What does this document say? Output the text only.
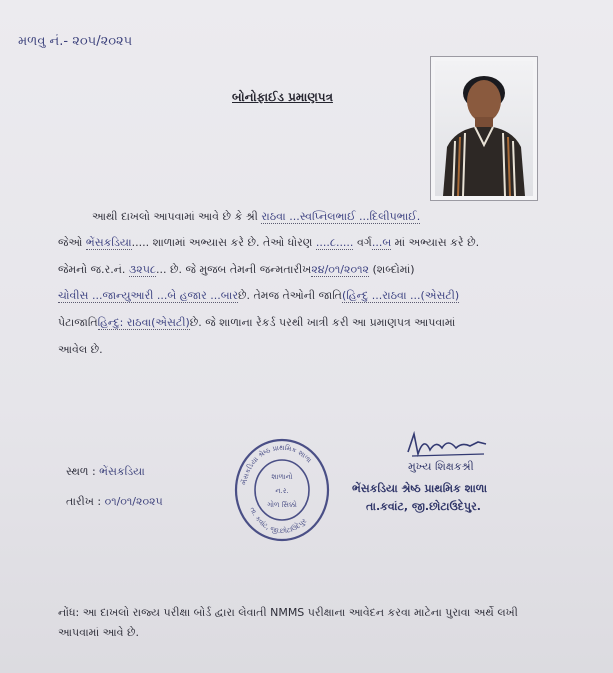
મળવુ નં.- ૨૦૫/૨૦૨૫
બોનોફાઈડ પ્રમાણપત્ર
આથી દાખલો આપવામાં આવે છે કે શ્રી રાઠવા ...સ્વપ્નિલભાઈ ...દિલીપભાઈ.
જેઓ ભેંસકડિયા..... શાળામાં અભ્યાસ કરે છે. તેઓ ધોરણ ....૮..... વર્ગ...બ માં અભ્યાસ કરે છે.
જેમનો જ.ર.નં. ૩૨૫૮... છે. જે મુજબ તેમની જન્મતારીખ૨૪/૦૧/૨૦૧૨ (શબ્દોમાં)
ચોવીસ ...જાન્યુઆરી ...બે હજાર ...બારછે. તેમજ તેઓની જાતિ(હિન્દુ ...રાઠવા ...(એસટી)
પેટાજાતિહિન્દુ: રાઠવા(એસટી)છે. જે શાળાના રેકર્ડ પરથી ખાત્રી કરી આ પ્રમાણપત્ર આપવામાં
આવેલ છે.
સ્થળ : ભેંસકડિયા
તારીખ : ૦૧/૦૧/૨૦૨૫
ભેંસકડિયા શ્રેષ્ઠ પ્રાથમિક શાળા
તા. કવાંટ, જી.છોટાઉદેપુર
શાળાનો
ન.ર.
ગોળ સિક્કો
મુખ્ય શિક્ષકશ્રી
ભેંસકડિયા શ્રેષ્ઠ પ્રાથમિક શાળા
તા.કવાંટ, જી.છોટાઉદેપુર.
નોંધ: આ દાખલો રાજ્ય પરીક્ષા બોર્ડ દ્વારા લેવાતી NMMS પરીક્ષાના આવેદન કરવા માટેના પુરાવા અર્થે લખી આપવામાં આવે છે.
